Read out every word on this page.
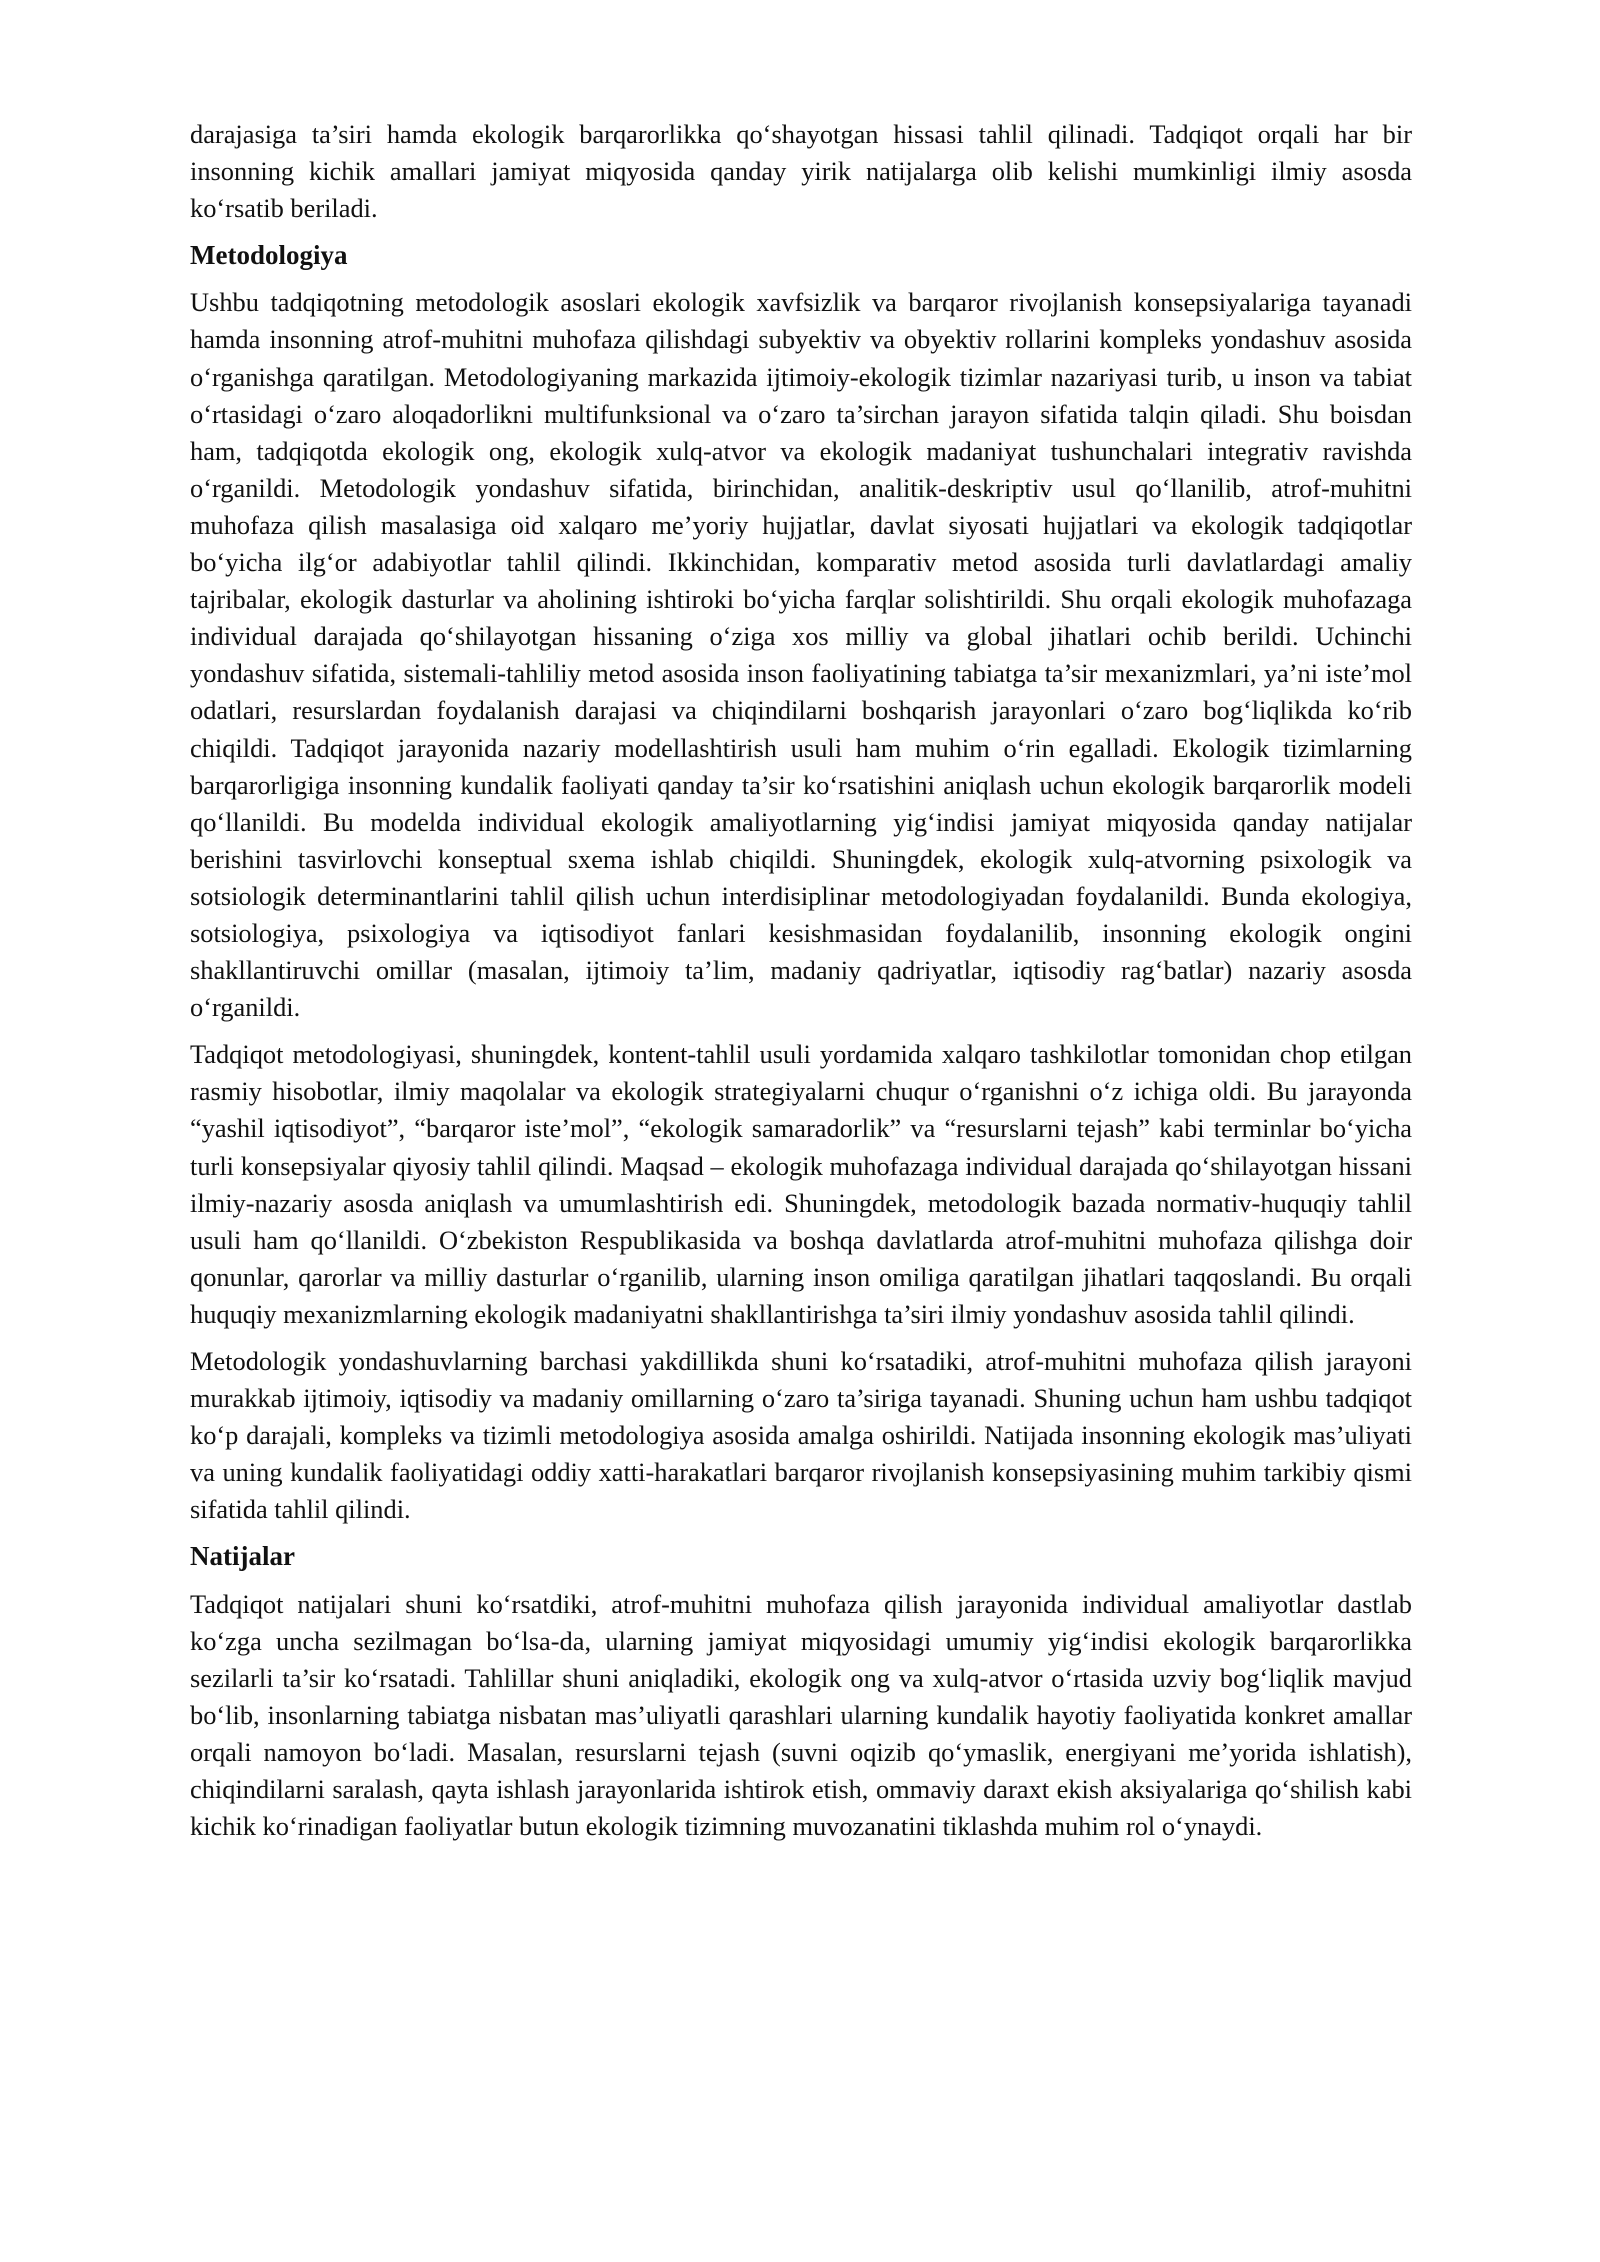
darajasiga ta’siri hamda ekologik barqarorlikka qo‘shayotgan hissasi tahlil qilinadi. Tadqiqot orqali har bir insonning kichik amallari jamiyat miqyosida qanday yirik natijalarga olib kelishi mumkinligi ilmiy asosda ko‘rsatib beriladi.

Metodologiya

Ushbu tadqiqotning metodologik asoslari ekologik xavfsizlik va barqaror rivojlanish konsepsiyalariga tayanadi hamda insonning atrof-muhitni muhofaza qilishdagi subyektiv va obyektiv rollarini kompleks yondashuv asosida o‘rganishga qaratilgan. Metodologiyaning markazida ijtimoiy-ekologik tizimlar nazariyasi turib, u inson va tabiat o‘rtasidagi o‘zaro aloqadorlikni multifunksional va o‘zaro ta’sirchan jarayon sifatida talqin qiladi. Shu boisdan ham, tadqiqotda ekologik ong, ekologik xulq-atvor va ekologik madaniyat tushunchalari integrativ ravishda o‘rganildi. Metodologik yondashuv sifatida, birinchidan, analitik-deskriptiv usul qo‘llanilib, atrof-muhitni muhofaza qilish masalasiga oid xalqaro me’yoriy hujjatlar, davlat siyosati hujjatlari va ekologik tadqiqotlar bo‘yicha ilg‘or adabiyotlar tahlil qilindi. Ikkinchidan, komparativ metod asosida turli davlatlardagi amaliy tajribalar, ekologik dasturlar va aholining ishtiroki bo‘yicha farqlar solishtirildi. Shu orqali ekologik muhofazaga individual darajada qo‘shilayotgan hissaning o‘ziga xos milliy va global jihatlari ochib berildi. Uchinchi yondashuv sifatida, sistemali-tahliliy metod asosida inson faoliyatining tabiatga ta’sir mexanizmlari, ya’ni iste’mol odatlari, resurslardan foydalanish darajasi va chiqindilarni boshqarish jarayonlari o‘zaro bog‘liqlikda ko‘rib chiqildi. Tadqiqot jarayonida nazariy modellashtirish usuli ham muhim o‘rin egalladi. Ekologik tizimlarning barqarorligiga insonning kundalik faoliyati qanday ta’sir ko‘rsatishini aniqlash uchun ekologik barqarorlik modeli qo‘llanildi. Bu modelda individual ekologik amaliyotlarning yig‘indisi jamiyat miqyosida qanday natijalar berishini tasvirlovchi konseptual sxema ishlab chiqildi. Shuningdek, ekologik xulq-atvorning psixologik va sotsiologik determinantlarini tahlil qilish uchun interdisiplinar metodologiyadan foydalanildi. Bunda ekologiya, sotsiologiya, psixologiya va iqtisodiyot fanlari kesishmasidan foydalanilib, insonning ekologik ongini shakllantiruvchi omillar (masalan, ijtimoiy ta’lim, madaniy qadriyatlar, iqtisodiy rag‘batlar) nazariy asosda o‘rganildi.

Tadqiqot metodologiyasi, shuningdek, kontent-tahlil usuli yordamida xalqaro tashkilotlar tomonidan chop etilgan rasmiy hisobotlar, ilmiy maqolalar va ekologik strategiyalarni chuqur o‘rganishni o‘z ichiga oldi. Bu jarayonda “yashil iqtisodiyot”, “barqaror iste’mol”, “ekologik samaradorlik” va “resurslarni tejash” kabi terminlar bo‘yicha turli konsepsiyalar qiyosiy tahlil qilindi. Maqsad – ekologik muhofazaga individual darajada qo‘shilayotgan hissani ilmiy-nazariy asosda aniqlash va umumlashtirish edi. Shuningdek, metodologik bazada normativ-huquqiy tahlil usuli ham qo‘llanildi. O‘zbekiston Respublikasida va boshqa davlatlarda atrof-muhitni muhofaza qilishga doir qonunlar, qarorlar va milliy dasturlar o‘rganilib, ularning inson omiliga qaratilgan jihatlari taqqoslandi. Bu orqali huquqiy mexanizmlarning ekologik madaniyatni shakllantirishga ta’siri ilmiy yondashuv asosida tahlil qilindi.

Metodologik yondashuvlarning barchasi yakdillikda shuni ko‘rsatadiki, atrof-muhitni muhofaza qilish jarayoni murakkab ijtimoiy, iqtisodiy va madaniy omillarning o‘zaro ta’siriga tayanadi. Shuning uchun ham ushbu tadqiqot ko‘p darajali, kompleks va tizimli metodologiya asosida amalga oshirildi. Natijada insonning ekologik mas’uliyati va uning kundalik faoliyatidagi oddiy xatti-harakatlari barqaror rivojlanish konsepsiyasining muhim tarkibiy qismi sifatida tahlil qilindi.

Natijalar

Tadqiqot natijalari shuni ko‘rsatdiki, atrof-muhitni muhofaza qilish jarayonida individual amaliyotlar dastlab ko‘zga uncha sezilmagan bo‘lsa-da, ularning jamiyat miqyosidagi umumiy yig‘indisi ekologik barqarorlikka sezilarli ta’sir ko‘rsatadi. Tahlillar shuni aniqladiki, ekologik ong va xulq-atvor o‘rtasida uzviy bog‘liqlik mavjud bo‘lib, insonlarning tabiatga nisbatan mas’uliyatli qarashlari ularning kundalik hayotiy faoliyatida konkret amallar orqali namoyon bo‘ladi. Masalan, resurslarni tejash (suvni oqizib qo‘ymaslik, energiyani me’yorida ishlatish), chiqindilarni saralash, qayta ishlash jarayonlarida ishtirok etish, ommaviy daraxt ekish aksiyalariga qo‘shilish kabi kichik ko‘rinadigan faoliyatlar butun ekologik tizimning muvozanatini tiklashda muhim rol o‘ynaydi.
